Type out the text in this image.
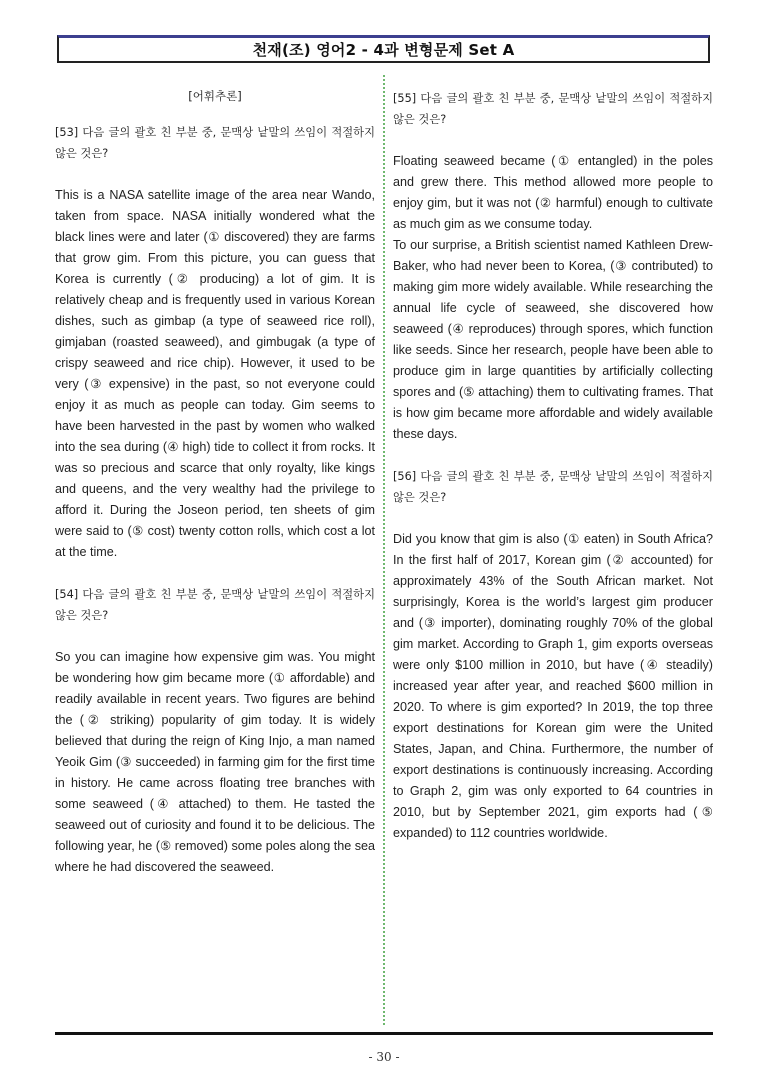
천재(조) 영어2 - 4과 변형문제 Set A
[어휘추론]
[53] 다음 글의 괄호 친 부분 중, 문맥상 낱말의 쓰임이 적절하지 않은 것은?
This is a NASA satellite image of the area near Wando, taken from space. NASA initially wondered what the black lines were and later (① discovered) they are farms that grow gim. From this picture, you can guess that Korea is currently (② producing) a lot of gim. It is relatively cheap and is frequently used in various Korean dishes, such as gimbap (a type of seaweed rice roll), gimjaban (roasted seaweed), and gimbugak (a type of crispy seaweed and rice chip). However, it used to be very (③ expensive) in the past, so not everyone could enjoy it as much as people can today. Gim seems to have been harvested in the past by women who walked into the sea during (④ high) tide to collect it from rocks. It was so precious and scarce that only royalty, like kings and queens, and the very wealthy had the privilege to afford it. During the Joseon period, ten sheets of gim were said to (⑤ cost) twenty cotton rolls, which cost a lot at the time.
[54] 다음 글의 괄호 친 부분 중, 문맥상 낱말의 쓰임이 적절하지 않은 것은?
So you can imagine how expensive gim was. You might be wondering how gim became more (① affordable) and readily available in recent years. Two figures are behind the (② striking) popularity of gim today. It is widely believed that during the reign of King Injo, a man named Yeoik Gim (③ succeeded) in farming gim for the first time in history. He came across floating tree branches with some seaweed (④ attached) to them. He tasted the seaweed out of curiosity and found it to be delicious. The following year, he (⑤ removed) some poles along the sea where he had discovered the seaweed.
[55] 다음 글의 괄호 친 부분 중, 문맥상 낱말의 쓰임이 적절하지 않은 것은?
Floating seaweed became (① entangled) in the poles and grew there. This method allowed more people to enjoy gim, but it was not (② harmful) enough to cultivate as much gim as we consume today.
To our surprise, a British scientist named Kathleen Drew-Baker, who had never been to Korea, (③ contributed) to making gim more widely available. While researching the annual life cycle of seaweed, she discovered how seaweed (④ reproduces) through spores, which function like seeds. Since her research, people have been able to produce gim in large quantities by artificially collecting spores and (⑤ attaching) them to cultivating frames. That is how gim became more affordable and widely available these days.
[56] 다음 글의 괄호 친 부분 중, 문맥상 낱말의 쓰임이 적절하지 않은 것은?
Did you know that gim is also (① eaten) in South Africa? In the first half of 2017, Korean gim (② accounted) for approximately 43% of the South African market. Not surprisingly, Korea is the world’s largest gim producer and (③ importer), dominating roughly 70% of the global gim market. According to Graph 1, gim exports overseas were only $100 million in 2010, but have (④ steadily) increased year after year, and reached $600 million in 2020. To where is gim exported? In 2019, the top three export destinations for Korean gim were the United States, Japan, and China. Furthermore, the number of export destinations is continuously increasing. According to Graph 2, gim was only exported to 64 countries in 2010, but by September 2021, gim exports had (⑤ expanded) to 112 countries worldwide.
- 30 -
